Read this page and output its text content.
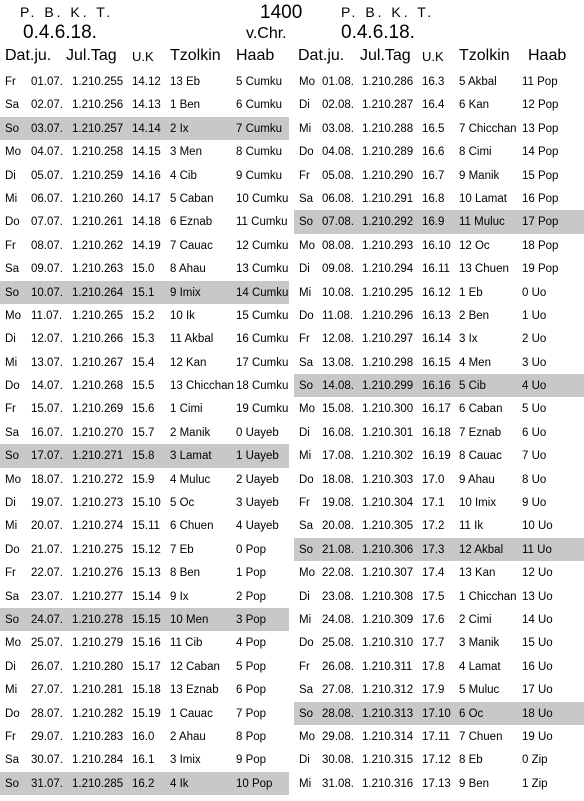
P. B. K. T.
0.4.6.18.
1400
v.Chr.
P. B. K. T.
0.4.6.18.
Dat.ju. Jul.Tag U.K Tzolkin Haab
Fr 01.07. 1.210.255 14.12 13 Eb	5 Cumku
Sa 02.07. 1.210.256 14.13 1 Ben	6 Cumku
So 03.07. 1.210.257 14.14 2 Ix	7 Cumku
Mo 04.07. 1.210.258 14.15 3 Men	8 Cumku
Di 05.07. 1.210.259 14.16 4 Cib	9 Cumku
Mi 06.07. 1.210.260 14.17 5 Caban 10 Cumku
Do 07.07. 1.210.261 14.18 6 Eznab 11 Cumku
Fr 08.07. 1.210.262 14.19 7 Cauac 12 Cumku
Sa 09.07. 1.210.263 15.0 8 Ahau	13 Cumku
So 10.07. 1.210.264 15.1 9 Imix	14 Cumku
Mo 11.07. 1.210.265 15.2 10 Ik	15 Cumku
Di 12.07. 1.210.266 15.3 11 Akbal 16 Cumku
Mi 13.07. 1.210.267 15.4 12 Kan	17 Cumku
Do 14.07. 1.210.268 15.5 13 Chicchan 18 Cumku
Fr 15.07. 1.210.269 15.6 1 Cimi	19 Cumku
Sa 16.07. 1.210.270 15.7 2 Manik 0 Uayeb
So 17.07. 1.210.271 15.8 3 Lamat 1 Uayeb
Mo 18.07. 1.210.272 15.9 4 Muluc 2 Uayeb
Di 19.07. 1.210.273 15.10 5 Oc	3 Uayeb
Mi 20.07. 1.210.274 15.11 6 Chuen 4 Uayeb
Do 21.07. 1.210.275 15.12 7 Eb	0 Pop
Fr 22.07. 1.210.276 15.13 8 Ben	1 Pop
Sa 23.07. 1.210.277 15.14 9 Ix	2 Pop
So 24.07. 1.210.278 15.15 10 Men 3 Pop
Mo 25.07. 1.210.279 15.16 11 Cib	4 Pop
Di 26.07. 1.210.280 15.17 12 Caban 5 Pop
Mi 27.07. 1.210.281 15.18 13 Eznab 6 Pop
Do 28.07. 1.210.282 15.19 1 Cauac 7 Pop
Fr 29.07. 1.210.283 16.0 2 Ahau	8 Pop
Sa 30.07. 1.210.284 16.1 3 Imix	9 Pop
So 31.07. 1.210.285 16.2 4 Ik	10 Pop
Dat.ju. Jul.Tag U.K Tzolkin Haab
Mo 01.08. 1.210.286 16.3 5 Akbal 11 Pop
Di 02.08. 1.210.287 16.4 6 Kan	12 Pop
Mi 03.08. 1.210.288 16.5 7 Chicchan 13 Pop
Do 04.08. 1.210.289 16.6 8 Cimi	14 Pop
Fr 05.08. 1.210.290 16.7 9 Manik 15 Pop
Sa 06.08. 1.210.291 16.8 10 Lamat 16 Pop
So 07.08. 1.210.292 16.9 11 Muluc 17 Pop
Mo 08.08. 1.210.293 16.10 12 Oc	18 Pop
Di 09.08. 1.210.294 16.11 13 Chuen 19 Pop
Mi 10.08. 1.210.295 16.12 1 Eb	0 Uo
Do 11.08. 1.210.296 16.13 2 Ben	1 Uo
Fr 12.08. 1.210.297 16.14 3 Ix	2 Uo
Sa 13.08. 1.210.298 16.15 4 Men	3 Uo
So 14.08. 1.210.299 16.16 5 Cib	4 Uo
Mo 15.08. 1.210.300 16.17 6 Caban 5 Uo
Di 16.08. 1.210.301 16.18 7 Eznab 6 Uo
Mi 17.08. 1.210.302 16.19 8 Cauac 7 Uo
Do 18.08. 1.210.303 17.0 9 Ahau 8 Uo
Fr 19.08. 1.210.304 17.1 10 Imix 9 Uo
Sa 20.08. 1.210.305 17.2 11 Ik	10 Uo
So 21.08. 1.210.306 17.3 12 Akbal 11 Uo
Mo 22.08. 1.210.307 17.4 13 Kan 12 Uo
Di 23.08. 1.210.308 17.5 1 Chicchan 13 Uo
Mi 24.08. 1.210.309 17.6 2 Cimi	14 Uo
Do 25.08. 1.210.310 17.7 3 Manik 15 Uo
Fr 26.08. 1.210.311 17.8 4 Lamat 16 Uo
Sa 27.08. 1.210.312 17.9 5 Muluc 17 Uo
So 28.08. 1.210.313 17.10 6 Oc	18 Uo
Mo 29.08. 1.210.314 17.11 7 Chuen 19 Uo
Di 30.08. 1.210.315 17.12 8 Eb	0 Zip
Mi 31.08. 1.210.316 17.13 9 Ben	1 Zip
